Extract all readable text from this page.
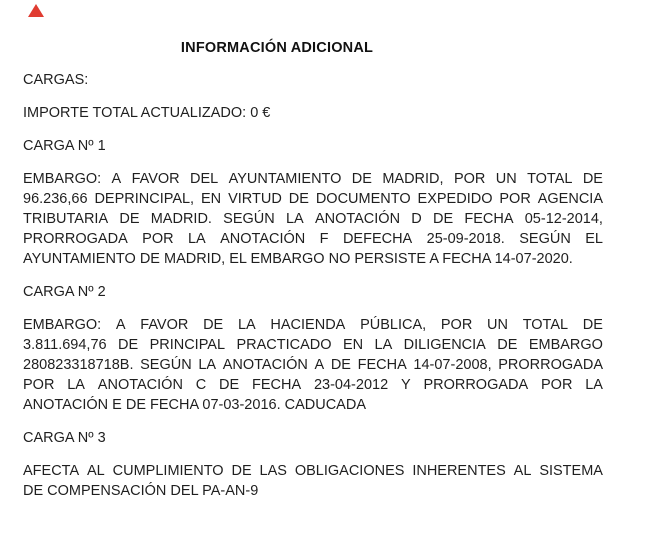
INFORMACIÓN ADICIONAL
CARGAS:
IMPORTE TOTAL ACTUALIZADO: 0 €
CARGA Nº 1
EMBARGO: A FAVOR DEL AYUNTAMIENTO DE MADRID, POR UN TOTAL DE
96.236,66 DEPRINCIPAL, EN VIRTUD DE DOCUMENTO EXPEDIDO POR AGENCIA
TRIBUTARIA DE MADRID. SEGÚN LA ANOTACIÓN D DE FECHA 05-12-2014,
PRORROGADA POR LA ANOTACIÓN F DEFECHA 25-09-2018. SEGÚN EL
AYUNTAMIENTO DE MADRID, EL EMBARGO NO PERSISTE A FECHA 14-07-2020.
CARGA Nº 2
EMBARGO: A FAVOR DE LA HACIENDA PÚBLICA, POR UN TOTAL DE
3.811.694,76 DE PRINCIPAL PRACTICADO EN LA DILIGENCIA DE EMBARGO
280823318718B. SEGÚN LA ANOTACIÓN A DE FECHA 14-07-2008, PRORROGADA
POR LA ANOTACIÓN C DE FECHA 23-04-2012 Y PRORROGADA POR LA
ANOTACIÓN E DE FECHA 07-03-2016. CADUCADA
CARGA Nº 3
AFECTA AL CUMPLIMIENTO DE LAS OBLIGACIONES INHERENTES AL SISTEMA
DE COMPENSACIÓN DEL PA-AN-9
